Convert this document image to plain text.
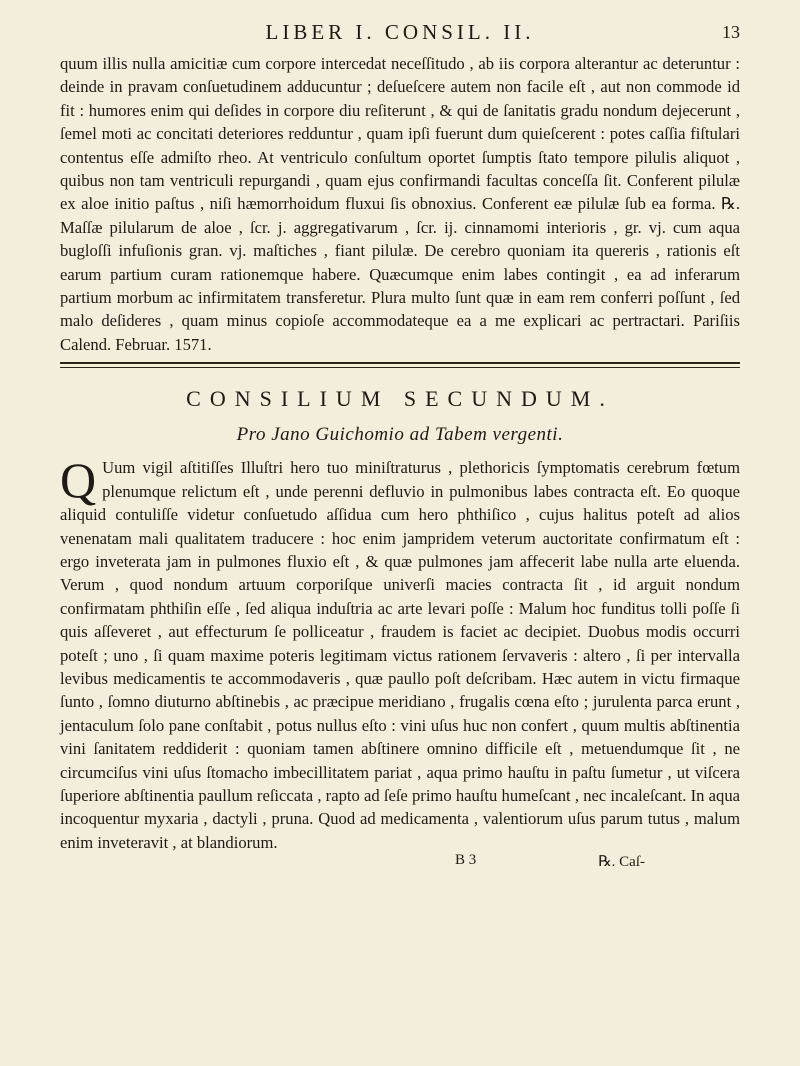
LIBER I. CONSIL. II.	13

quum illis nulla amicitiæ cum corpore intercedat neceſſitudo , ab iis corpora alterantur ac deteruntur : deinde in pravam conſuetudinem adducuntur ; deſueſcere autem non facile eſt , aut non commode id fit : humores enim qui deſides in corpore diu reſiterunt , & qui de ſanitatis gradu nondum dejecerunt , ſemel moti ac concitati deteriores redduntur , quam ipſi fuerunt dum quieſcerent : potes caſſia fiſtulari contentus eſſe admiſto rheo. At ventriculo conſultum oportet ſumptis ſtato tempore pilulis aliquot , quibus non tam ventriculi repurgandi , quam ejus confirmandi facultas conceſſa ſit. Conferent pilulæ ex aloe initio paſtus , niſi hæmorrhoidum fluxui ſis obnoxius. Conferent eæ pilulæ ſub ea forma. ℞. Maſſæ pilularum de aloe , ſcr. j. aggregativarum , ſcr. ij. cinnamomi interioris , gr. vj. cum aqua bugloſſi infuſionis gran. vj. maſtiches , fiant pilulæ. De cerebro quoniam ita quereris , rationis eſt earum partium curam rationemque habere. Quæcumque enim labes contingit , ea ad inferarum partium morbum ac infirmitatem transferetur. Plura multo ſunt quæ in eam rem conferri poſſunt , ſed malo deſideres , quam minus copioſe accommodateque ea a me explicari ac pertractari. Pariſiis Calend. Februar. 1571.

CONSILIUM SECUNDUM.
Pro Jano Guichomio ad Tabem vergenti.

QUum vigil aſtitiſſes Illuſtri hero tuo miniſtraturus , plethoricis ſymptomatis cerebrum fœtum plenumque relictum eſt , unde perenni defluvio in pulmonibus labes contracta eſt. Eo quoque aliquid contuliſſe videtur conſuetudo aſſidua cum hero phthiſico , cujus halitus poteſt ad alios venenatam mali qualitatem traducere : hoc enim jampridem veterum auctoritate confirmatum eſt : ergo inveterata jam in pulmones fluxio eſt , & quæ pulmones jam affecerit labe nulla arte eluenda. Verum , quod nondum artuum corporiſque univerſi macies contracta ſit , id arguit nondum confirmatam phthiſin eſſe , ſed aliqua induſtria ac arte levari poſſe : Malum hoc funditus tolli poſſe ſi quis aſſeveret , aut effecturum ſe polliceatur , fraudem is faciet ac decipiet. Duobus modis occurri poteſt ; uno , ſi quam maxime poteris legitimam victus rationem ſervaveris : altero , ſi per intervalla levibus medicamentis te accommodaveris , quæ paullo poſt deſcribam. Hæc autem in victu firmaque ſunto , ſomno diuturno abſtinebis , ac præcipue meridiano , frugalis cœna eſto ; jurulenta parca erunt , jentaculum ſolo pane conſtabit , potus nullus eſto : vini uſus huc non confert , quum multis abſtinentia vini ſanitatem reddiderit : quoniam tamen abſtinere omnino difficile eſt , metuendumque ſit , ne circumciſus vini uſus ſtomacho imbecillitatem pariat , aqua primo hauſtu in paſtu ſumetur , ut viſcera ſuperiore abſtinentia paullum reſiccata , rapto ad ſeſe primo hauſtu humeſcant , nec incaleſcant. In aqua incoquentur myxaria , dactyli , pruna. Quod ad medicamenta , valentiorum uſus parum tutus , malum enim inveteravit , at blandiorum.

B 3	℞. Caſ-
